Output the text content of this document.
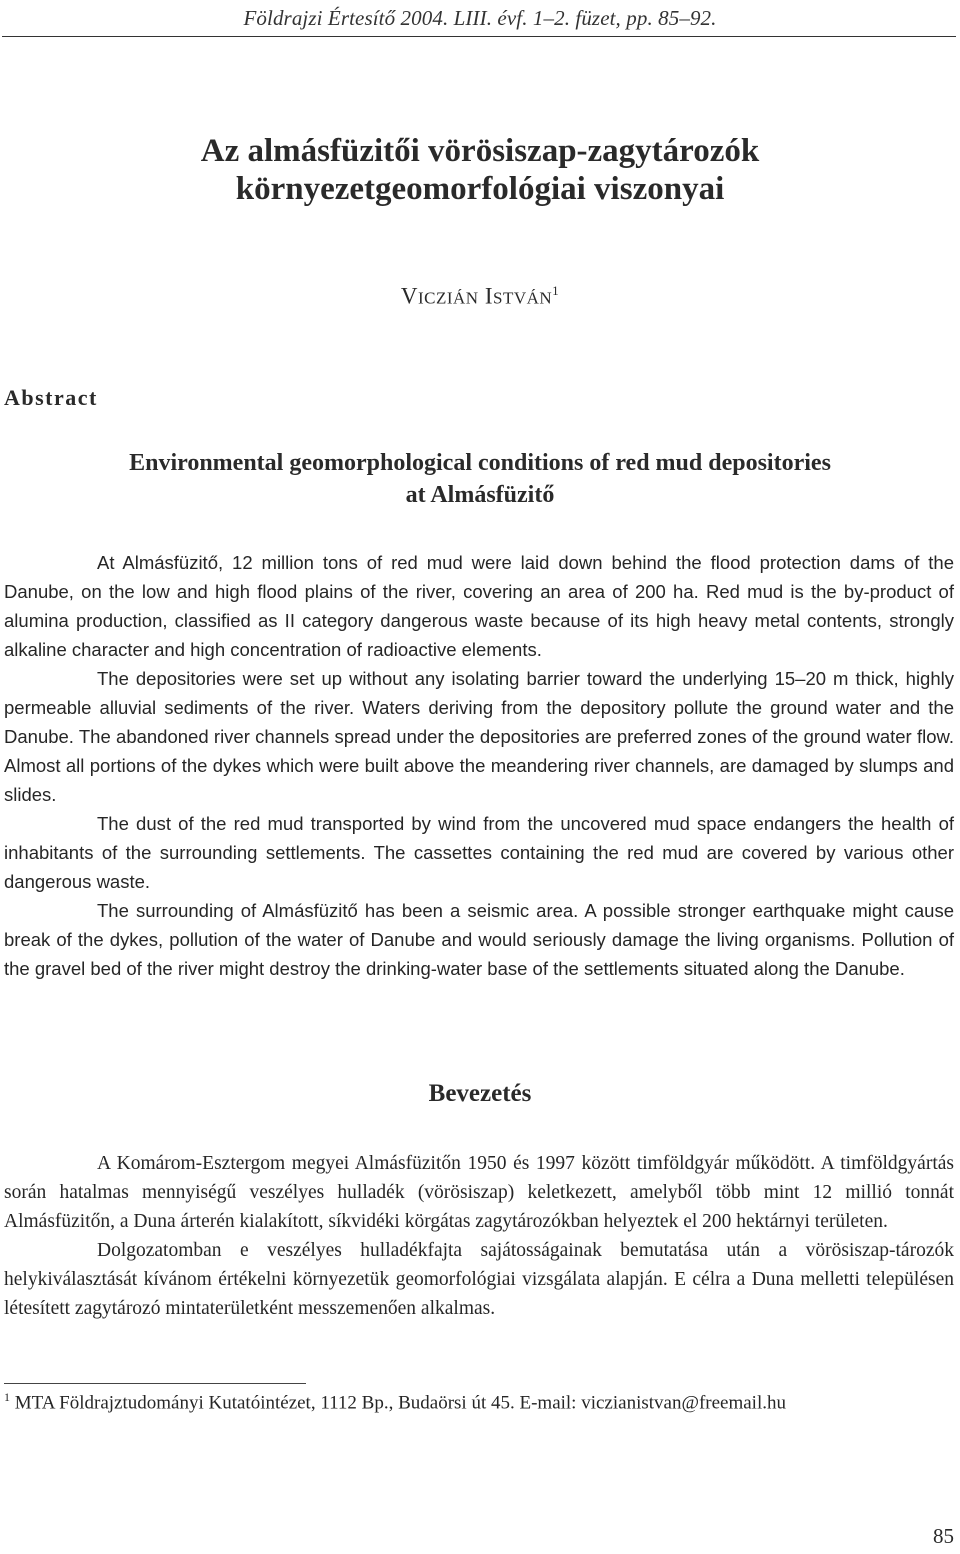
Földrajzi Értesítő 2004. LIII. évf. 1–2. füzet, pp. 85–92.
Az almásfüzitői vörösiszap-zagytározók
környezetgeomorfológiai viszonyai
VICZIÁN ISTVÁN$^1$
Abstract
Environmental geomorphological conditions of red mud depositories
at Almásfüzitő

At Almásfüzitő, 12 million tons of red mud were laid down behind the flood protection dams of the Danube, on the low and high flood plains of the river, covering an area of 200 ha. Red mud is the by-product of alumina production, classified as II category dangerous waste because of its high heavy metal contents, strongly alkaline character and high concentration of radioactive elements.

The depositories were set up without any isolating barrier toward the underlying 15–20 m thick, highly permeable alluvial sediments of the river. Waters deriving from the depository pollute the ground water and the Danube. The abandoned river channels spread under the depositories are preferred zones of the ground water flow. Almost all portions of the dykes which were built above the meandering river channels, are damaged by slumps and slides.

The dust of the red mud transported by wind from the uncovered mud space endangers the health of inhabitants of the surrounding settlements. The cassettes containing the red mud are covered by various other dangerous waste.

The surrounding of Almásfüzitő has been a seismic area. A possible stronger earthquake might cause break of the dykes, pollution of the water of Danube and would seriously damage the living organisms. Pollution of the gravel bed of the river might destroy the drinking-water base of the settlements situated along the Danube.

Bevezetés

A Komárom-Esztergom megyei Almásfüzitőn 1950 és 1997 között timföldgyár működött. A timföldgyártás során hatalmas mennyiségű veszélyes hulladék (vörösiszap) keletkezett, amelyből több mint 12 millió tonnát Almásfüzitőn, a Duna árterén kialakított, síkvidéki körgátas zagytározókban helyeztek el 200 hektárnyi területen.

Dolgozatomban e veszélyes hulladékfajta sajátosságainak bemutatása után a vörösiszap-tározók helykiválasztását kívánom értékelni környezetük geomorfológiai vizsgálata alapján. E célra a Duna melletti településen létesített zagytározó mintaterületként messzemenően alkalmas.

$^1$ MTA Földrajztudományi Kutatóintézet, 1112 Bp., Budaörsi út 45. E-mail: viczianistvan@freemail.hu
85
